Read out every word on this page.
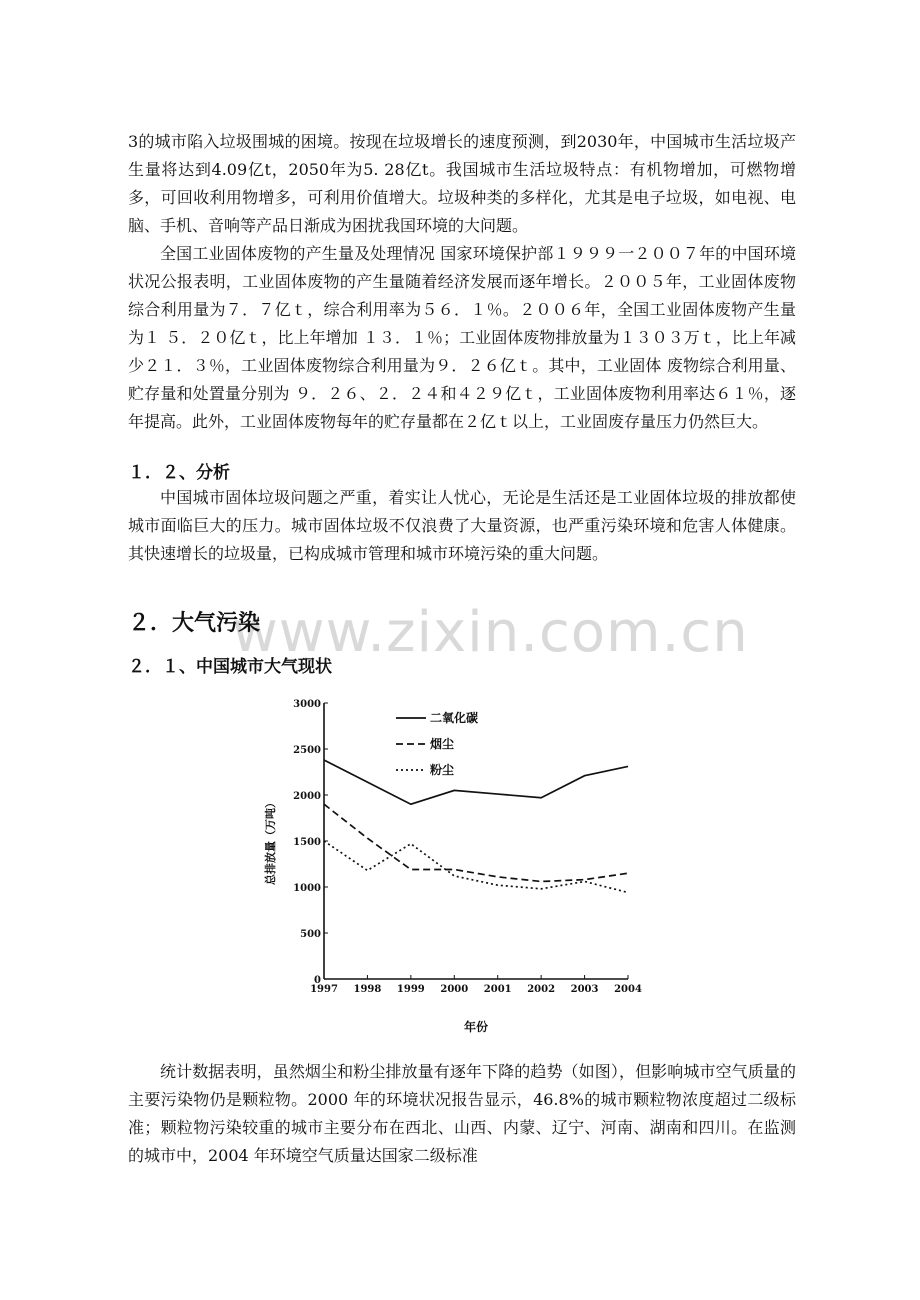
3的城市陷入垃圾围城的困境。按现在垃圾增长的速度预测，到2030年，中国城市生活垃圾产生量将达到4.09亿t，2050年为5. 28亿t。我国城市生活垃圾特点：有机物增加，可燃物增多，可回收利用物增多，可利用价值增大。垃圾种类的多样化，尤其是电子垃圾，如电视、电脑、手机、音响等产品日渐成为困扰我国环境的大问题。

全国工业固体废物的产生量及处理情况 国家环境保护部１９９９一２００７年的中国环境状况公报表明，工业固体废物的产生量随着经济发展而逐年增长。２００５年，工业固体废物综合利用量为７．７亿ｔ，综合利用率为５６．１％。２００６年，全国工业固体废物产生量为１ ５．２０亿ｔ，比上年增加 １３．１％；工业固体废物排放量为１３０３万ｔ，比上年减少２１．３％，工业固体废物综合利用量为９．２６亿ｔ。其中，工业固体 废物综合利用量、贮存量和处置量分别为 ９．２６、２．２４和４２９亿ｔ，工业固体废物利用率达６１％，逐年提高。此外，工业固体废物每年的贮存量都在２亿ｔ以上，工业固废存量压力仍然巨大。

１．２、分析

中国城市固体垃圾问题之严重，着实让人忧心，无论是生活还是工业固体垃圾的排放都使城市面临巨大的压力。城市固体垃圾不仅浪费了大量资源，也严重污染环境和危害人体健康。其快速增长的垃圾量，已构成城市管理和城市环境污染的重大问题。

www.zixin.com.cn
２．大气污染
２．１、中国城市大气现状
0
500
1000
1500
2000
2500
3000
1997 1998 1999 2000 2001 2002 2003 2004
年份
总排放量（万吨）
二氧化碳
烟尘
粉尘

统计数据表明，虽然烟尘和粉尘排放量有逐年下降的趋势（如图），但影响城市空气质量的主要污染物仍是颗粒物。2000 年的环境状况报告显示，46.8%的城市颗粒物浓度超过二级标准；颗粒物污染较重的城市主要分布在西北、山西、内蒙、辽宁、河南、湖南和四川。在监测的城市中，2004 年环境空气质量达国家二级标准
